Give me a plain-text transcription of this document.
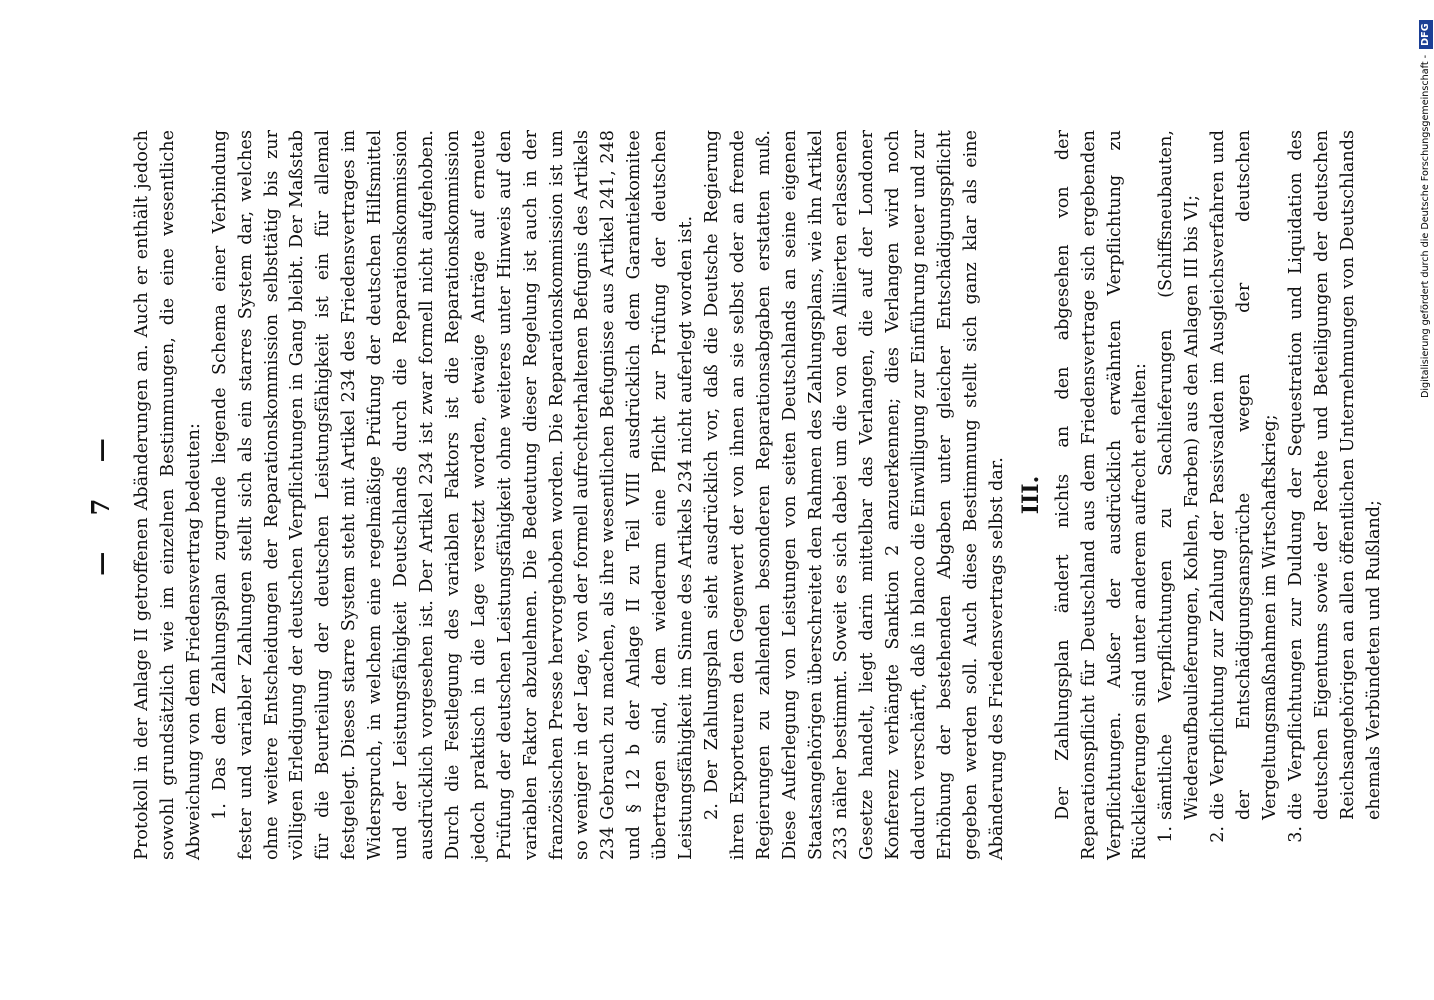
— 7 — Protokoll in der Anlage II getroffenen Abänderungen an. Auch er enthält jedoch sowohl grundsätzlich wie im einzelnen Bestimmungen, die eine wesentliche Abweichung von dem Friedensvertrag bedeuten: 1. Das dem Zahlungsplan zugrunde liegende Schema einer Verbindung fester und variabler Zahlungen stellt sich als ein starres System dar, welches ohne weitere Entscheidungen der Reparationskommission selbsttätig bis zur völligen Erledigung der deutschen Verpflichtungen in Gang bleibt. Der Maßstab für die Beurteilung der deutschen Leistungsfähigkeit ist ein für allemal festgelegt. Dieses starre System steht mit Artikel 234 des Friedensvertrages im Widerspruch, in welchem eine regelmäßige Prüfung der deutschen Hilfsmittel und der Leistungsfähigkeit Deutschlands durch die Reparationskommission ausdrücklich vorgesehen ist. Der Artikel 234 ist zwar formell nicht aufgehoben. Durch die Festlegung des variablen Faktors ist die Reparationskommission jedoch praktisch in die Lage versetzt worden, etwaige Anträge auf erneute Prüfung der deutschen Leistungsfähigkeit ohne weiteres unter Hinweis auf den variablen Faktor abzulehnen. Die Bedeutung dieser Regelung ist auch in der französischen Presse hervorgehoben worden. Die Reparationskommission ist um so weniger in der Lage, von der formell aufrechterhaltenen Befugnis des Artikels 234 Gebrauch zu machen, als ihre wesentlichen Befugnisse aus Artikel 241, 248 und § 12 b der Anlage II zu Teil VIII ausdrücklich dem Garantiekomitee übertragen sind, dem wiederum eine Pflicht zur Prüfung der deutschen Leistungsfähigkeit im Sinne des Artikels 234 nicht auferlegt worden ist. 2. Der Zahlungsplan sieht ausdrücklich vor, daß die Deutsche Regierung ihren Exporteuren den Gegenwert der von ihnen an sie selbst oder an fremde Regierungen zu zahlenden besonderen Reparationsabgaben erstatten muß. Diese Auferlegung von Leistungen von seiten Deutschlands an seine eigenen Staatsangehörigen überschreitet den Rahmen des Zahlungsplans, wie ihn Artikel 233 näher bestimmt. Soweit es sich dabei um die von den Alliierten erlassenen Gesetze handelt, liegt darin mittelbar das Verlangen, die auf der Londoner Konferenz verhängte Sanktion 2 anzuerkennen; dies Verlangen wird noch dadurch verschärft, daß in blanco die Einwilligung zur Einführung neuer und zur Erhöhung der bestehenden Abgaben unter gleicher Entschädigungspflicht gegeben werden soll. Auch diese Bestimmung stellt sich ganz klar als eine Abänderung des Friedensvertrags selbst dar. III. Der Zahlungsplan ändert nichts an den abgesehen von der Reparationspflicht für Deutschland aus dem Friedensvertrage sich ergebenden Verpflichtungen. Außer der ausdrücklich erwähnten Verpflichtung zu Rücklieferungen sind unter anderem aufrecht erhalten: 1.
sämtliche Verpflichtungen zu Sachlieferungen (Schiffsneubauten, Wiederaufbaulieferungen, Kohlen, Farben) aus den Anlagen III bis VI;
2.
die Verpflichtung zur Zahlung der Passivsalden im Ausgleichsverfahren und der Entschädigungsansprüche wegen der deutschen Vergeltungsmaßnahmen im Wirtschaftskrieg;
3.
die Verpflichtungen zur Duldung der Sequestration und Liquidation des deutschen Eigentums sowie der Rechte und Beteiligungen der deutschen Reichsangehörigen an allen öffentlichen Unternehmungen von Deutschlands ehemals Verbündeten und Rußland;
Digitalisierung gefördert durch die Deutsche Forschungsgemeinschaft - DFG
